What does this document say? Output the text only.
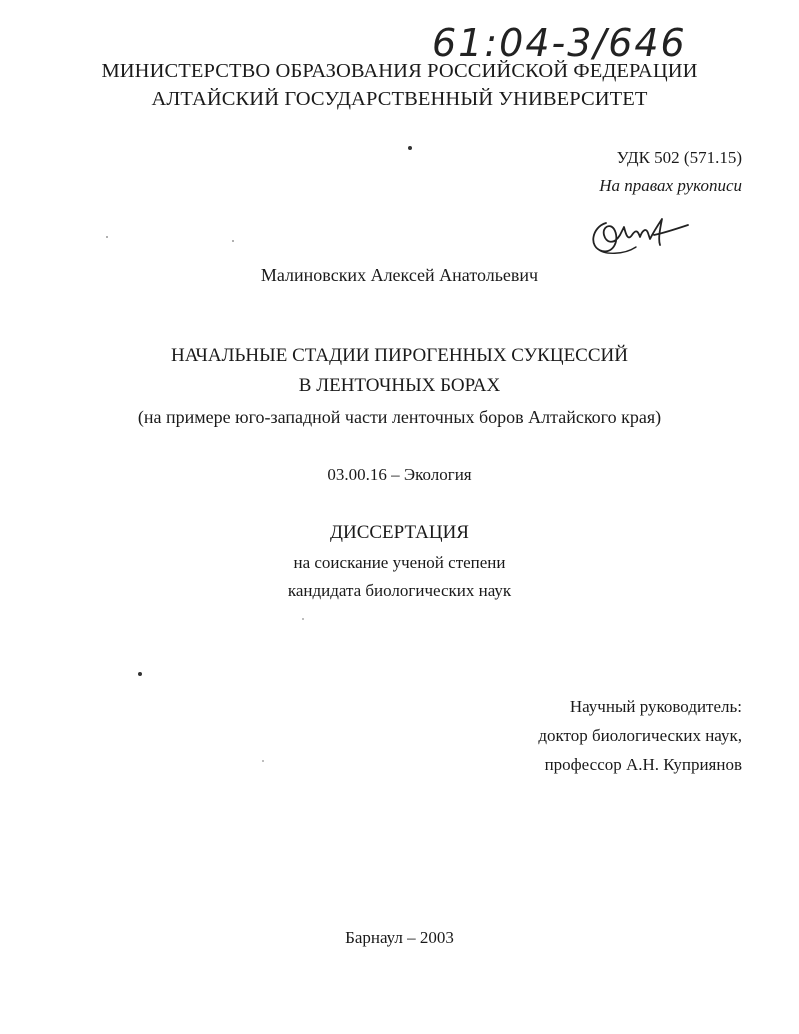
61:04-3/646
МИНИСТЕРСТВО ОБРАЗОВАНИЯ РОССИЙСКОЙ ФЕДЕРАЦИИ
АЛТАЙСКИЙ ГОСУДАРСТВЕННЫЙ УНИВЕРСИТЕТ
УДК 502 (571.15)
На правах рукописи
Малиновских Алексей Анатольевич
НАЧАЛЬНЫЕ СТАДИИ ПИРОГЕННЫХ СУКЦЕССИЙ
В ЛЕНТОЧНЫХ БОРАХ
(на примере юго-западной части ленточных боров Алтайского края)
03.00.16 – Экология
ДИССЕРТАЦИЯ
на соискание ученой степени
кандидата биологических наук
Научный руководитель:
доктор биологических наук,
профессор А.Н. Куприянов
Барнаул – 2003
